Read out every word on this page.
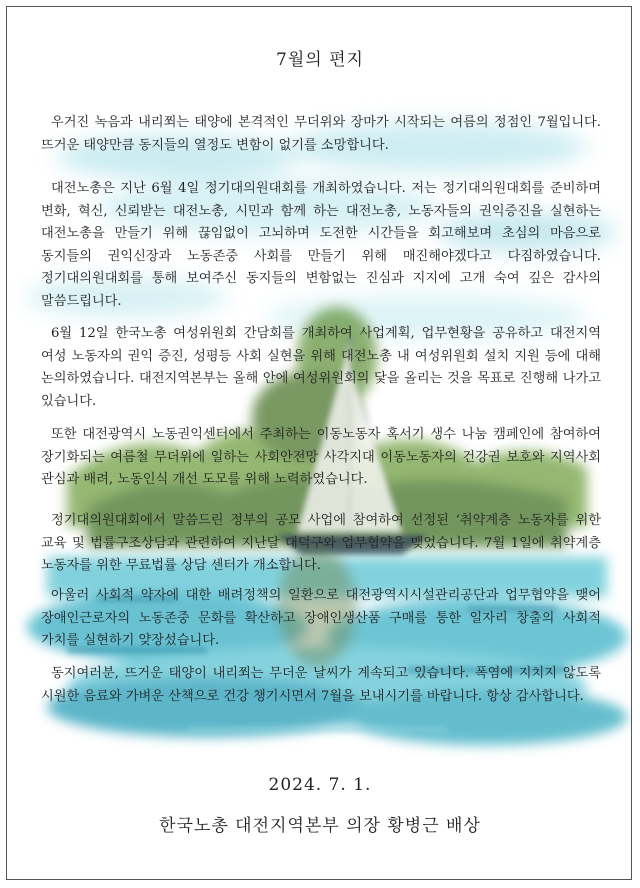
7월의 편지
우거진 녹음과 내리쬐는 태양에 본격적인 무더위와 장마가 시작되는 여름의 정점인 7월입니다. 뜨거운 태양만큼 동지들의 열정도 변함이 없기를 소망합니다.
대전노총은 지난 6월 4일 정기대의원대회를 개최하였습니다. 저는 정기대의원대회를 준비하며 변화, 혁신, 신뢰받는 대전노총, 시민과 함께 하는 대전노총, 노동자들의 권익증진을 실현하는 대전노총을 만들기 위해 끊임없이 고뇌하며 도전한 시간들을 회고해보며 초심의 마음으로 동지들의 권익신장과 노동존중 사회를 만들기 위해 매진해야겠다고 다짐하였습니다. 정기대의원대회를 통해 보여주신 동지들의 변함없는 진심과 지지에 고개 숙여 깊은 감사의 말씀드립니다.
6월 12일 한국노총 여성위원회 간담회를 개최하여 사업계획, 업무현황을 공유하고 대전지역 여성 노동자의 권익 증진, 성평등 사회 실현을 위해 대전노총 내 여성위원회 설치 지원 등에 대해 논의하였습니다. 대전지역본부는 올해 안에 여성위원회의 닻을 올리는 것을 목표로 진행해 나가고 있습니다.
또한 대전광역시 노동권익센터에서 주최하는 이동노동자 혹서기 생수 나눔 캠페인에 참여하여 장기화되는 여름철 무더위에 일하는 사회안전망 사각지대 이동노동자의 건강권 보호와 지역사회 관심과 배려, 노동인식 개선 도모를 위해 노력하였습니다.
정기대의원대회에서 말씀드린 정부의 공모 사업에 참여하여 선정된 ‘취약계층 노동자를 위한 교육 및 법률구조상담과 관련하여 지난달 대덕구와 업무협약을 맺었습니다. 7월 1일에 취약계층 노동자를 위한 무료법률 상담 센터가 개소합니다.
아울러 사회적 약자에 대한 배려정책의 일환으로 대전광역시시설관리공단과 업무협약을 맺어 장애인근로자의 노동존중 문화를 확산하고 장애인생산품 구매를 통한 일자리 창출의 사회적 가치를 실현하기 얒장섰습니다.
동지여러분, 뜨거운 태양이 내리쬐는 무더운 날씨가 계속되고 있습니다. 폭염에 지치지 않도록 시원한 음료와 가벼운 산책으로 건강 챙기시면서 7월을 보내시기를 바랍니다. 항상 감사합니다.
2024. 7. 1.
한국노총 대전지역본부 의장 황병근 배상
